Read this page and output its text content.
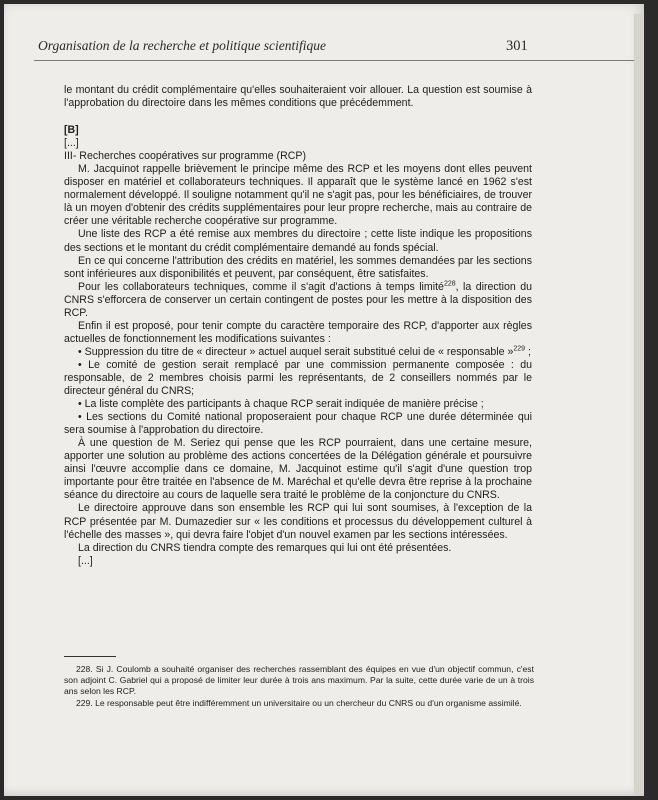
Organisation de la recherche et politique scientifique	301

le montant du crédit complémentaire qu'elles souhaiteraient voir allouer. La question est soumise à l'approbation du directoire dans les mêmes conditions que précédemment.

[B]

[...]

III- Recherches coopératives sur programme (RCP)

M. Jacquinot rappelle brièvement le principe même des RCP et les moyens dont elles peuvent disposer en matériel et collaborateurs techniques. Il apparaît que le système lancé en 1962 s'est normalement développé. Il souligne notamment qu'il ne s'agit pas, pour les bénéficiaires, de trouver là un moyen d'obtenir des crédits supplémentaires pour leur propre recherche, mais au contraire de créer une véritable recherche coopérative sur programme.

Une liste des RCP a été remise aux membres du directoire ; cette liste indique les propositions des sections et le montant du crédit complémentaire demandé au fonds spécial.

En ce qui concerne l'attribution des crédits en matériel, les sommes demandées par les sections sont inférieures aux disponibilités et peuvent, par conséquent, être satisfaites.

Pour les collaborateurs techniques, comme il s'agit d'actions à temps limité$^{228}$, la direction du CNRS s'efforcera de conserver un certain contingent de postes pour les mettre à la disposition des RCP.

Enfin il est proposé, pour tenir compte du caractère temporaire des RCP, d'apporter aux règles actuelles de fonctionnement les modifications suivantes :

• Suppression du titre de « directeur » actuel auquel serait substitué celui de « responsable »$^{229}$ ;

• Le comité de gestion serait remplacé par une commission permanente composée : du responsable, de 2 membres choisis parmi les représentants, de 2 conseillers nommés par le directeur général du CNRS;

• La liste complète des participants à chaque RCP serait indiquée de manière précise ;

• Les sections du Comité national proposeraient pour chaque RCP une durée déterminée qui sera soumise à l'approbation du directoire.

À une question de M. Seriez qui pense que les RCP pourraient, dans une certaine mesure, apporter une solution au problème des actions concertées de la Délégation générale et poursuivre ainsi l'œuvre accomplie dans ce domaine, M. Jacquinot estime qu'il s'agit d'une question trop importante pour être traitée en l'absence de M. Maréchal et qu'elle devra être reprise à la prochaine séance du directoire au cours de laquelle sera traité le problème de la conjoncture du CNRS.

Le directoire approuve dans son ensemble les RCP qui lui sont soumises, à l'exception de la RCP présentée par M. Dumazedier sur « les conditions et processus du développement culturel à l'échelle des masses », qui devra faire l'objet d'un nouvel examen par les sections intéressées.

La direction du CNRS tiendra compte des remarques qui lui ont été présentées.

[...]

228. Si J. Coulomb a souhaité organiser des recherches rassemblant des équipes en vue d'un objectif commun, c'est son adjoint C. Gabriel qui a proposé de limiter leur durée à trois ans maximum. Par la suite, cette durée varie de un à trois ans selon les RCP.

229. Le responsable peut être indifféremment un universitaire ou un chercheur du CNRS ou d'un organisme assimilé.
